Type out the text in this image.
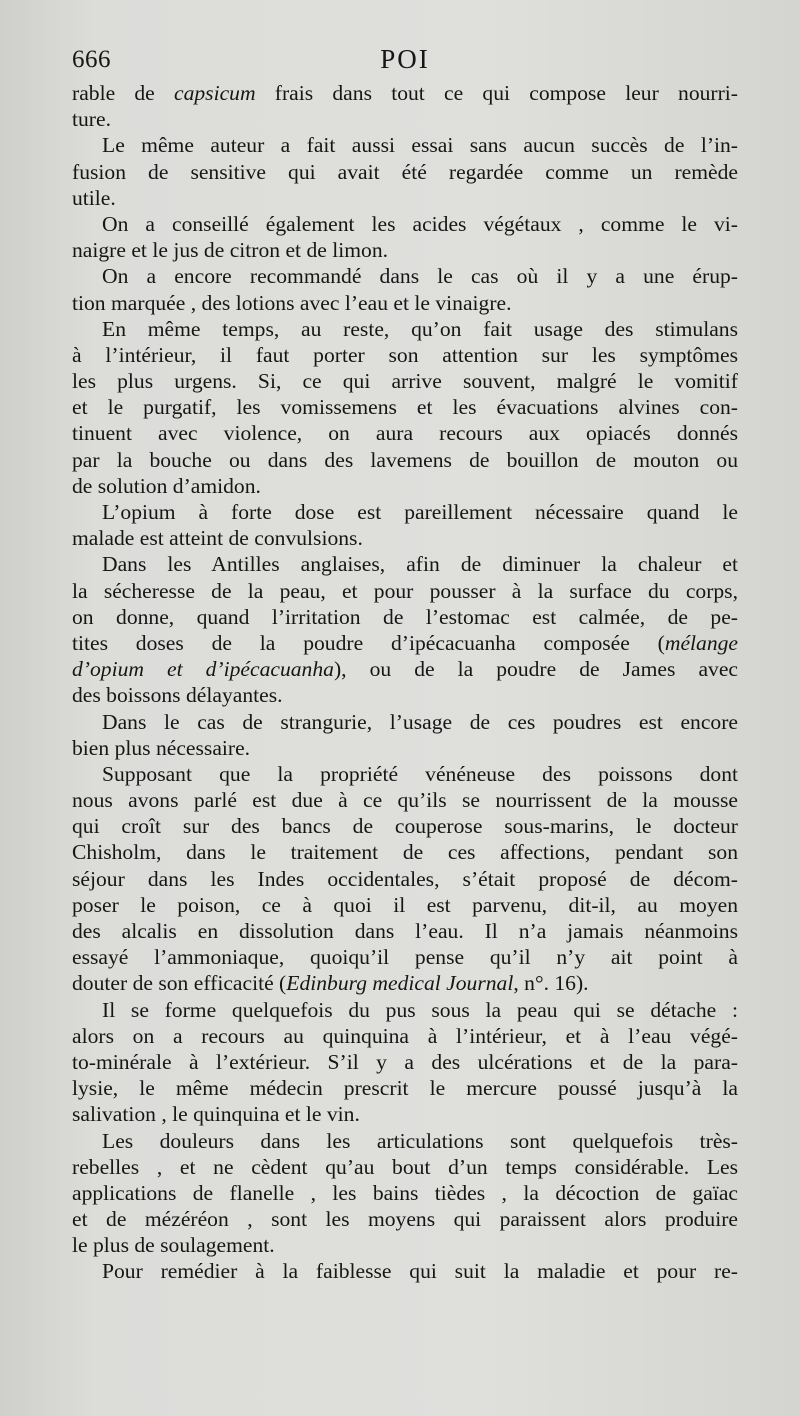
666	POI
rable de capsicum frais dans tout ce qui compose leur nourri-
ture.
Le même auteur a fait aussi essai sans aucun succès de l’in-
fusion de sensitive qui avait été regardée comme un remède
utile.
On a conseillé également les acides végétaux , comme le vi-
naigre et le jus de citron et de limon.
On a encore recommandé dans le cas où il y a une érup-
tion marquée , des lotions avec l’eau et le vinaigre.
En même temps, au reste, qu’on fait usage des stimulans
à l’intérieur, il faut porter son attention sur les symptômes
les plus urgens. Si, ce qui arrive souvent, malgré le vomitif
et le purgatif, les vomissemens et les évacuations alvines con-
tinuent avec violence, on aura recours aux opiacés donnés
par la bouche ou dans des lavemens de bouillon de mouton ou
de solution d’amidon.
L’opium à forte dose est pareillement nécessaire quand le
malade est atteint de convulsions.
Dans les Antilles anglaises, afin de diminuer la chaleur et
la sécheresse de la peau, et pour pousser à la surface du corps,
on donne, quand l’irritation de l’estomac est calmée, de pe-
tites doses de la poudre d’ipécacuanha composée (mélange
d’opium et d’ipécacuanha), ou de la poudre de James avec
des boissons délayantes.
Dans le cas de strangurie, l’usage de ces poudres est encore
bien plus nécessaire.
Supposant que la propriété vénéneuse des poissons dont
nous avons parlé est due à ce qu’ils se nourrissent de la mousse
qui croît sur des bancs de couperose sous-marins, le docteur
Chisholm, dans le traitement de ces affections, pendant son
séjour dans les Indes occidentales, s’était proposé de décom-
poser le poison, ce à quoi il est parvenu, dit-il, au moyen
des alcalis en dissolution dans l’eau. Il n’a jamais néanmoins
essayé l’ammoniaque, quoiqu’il pense qu’il n’y ait point à
douter de son efficacité (Edinburg medical Journal, n°. 16).
Il se forme quelquefois du pus sous la peau qui se détache :
alors on a recours au quinquina à l’intérieur, et à l’eau végé-
to-minérale à l’extérieur. S’il y a des ulcérations et de la para-
lysie, le même médecin prescrit le mercure poussé jusqu’à la
salivation , le quinquina et le vin.
Les douleurs dans les articulations sont quelquefois très-
rebelles , et ne cèdent qu’au bout d’un temps considérable. Les
applications de flanelle , les bains tièdes , la décoction de gaïac
et de mézéréon , sont les moyens qui paraissent alors produire
le plus de soulagement.
Pour remédier à la faiblesse qui suit la maladie et pour re-
